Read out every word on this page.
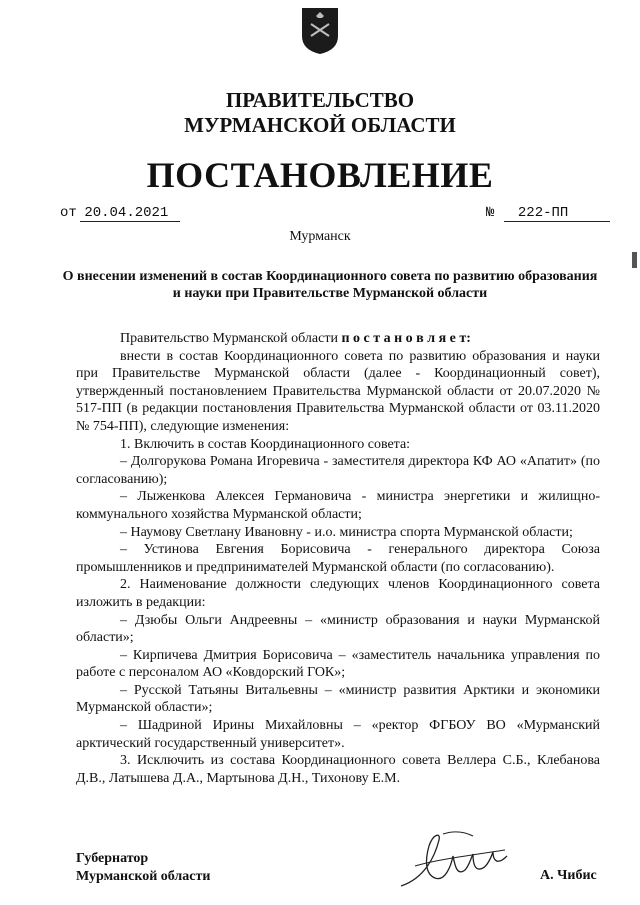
ПРАВИТЕЛЬСТВО
МУРМАНСКОЙ ОБЛАСТИ
ПОСТАНОВЛЕНИЕ
от 20.04.2021	№ 222-ПП
Мурманск
О внесении изменений в состав Координационного совета по развитию образования и науки при Правительстве Мурманской области

Правительство Мурманской области п о с т а н о в л я е т:

внести в состав Координационного совета по развитию образования и науки при Правительстве Мурманской области (далее - Координационный совет), утвержденный постановлением Правительства Мурманской области от 20.07.2020 № 517-ПП (в редакции постановления Правительства Мурманской области от 03.11.2020 № 754-ПП), следующие изменения:

1. Включить в состав Координационного совета:

– Долгорукова Романа Игоревича - заместителя директора КФ АО «Апатит» (по согласованию);

– Лыженкова Алексея Германовича - министра энергетики и жилищно-коммунального хозяйства Мурманской области;

– Наумову Светлану Ивановну - и.о. министра спорта Мурманской области;

– Устинова Евгения Борисовича - генерального директора Союза промышленников и предпринимателей Мурманской области (по согласованию).

2. Наименование должности следующих членов Координационного совета изложить в редакции:

– Дзюбы Ольги Андреевны – «министр образования и науки Мурманской области»;

– Кирпичева Дмитрия Борисовича – «заместитель начальника управления по работе с персоналом АО «Ковдорский ГОК»;

– Русской Татьяны Витальевны – «министр развития Арктики и экономики Мурманской области»;

– Шадриной Ирины Михайловны – «ректор ФГБОУ ВО «Мурманский арктический государственный университет».

3. Исключить из состава Координационного совета Веллера С.Б., Клебанова Д.В., Латышева Д.А., Мартынова Д.Н., Тихонову Е.М.

Губернатор
Мурманской области	А. Чибис
